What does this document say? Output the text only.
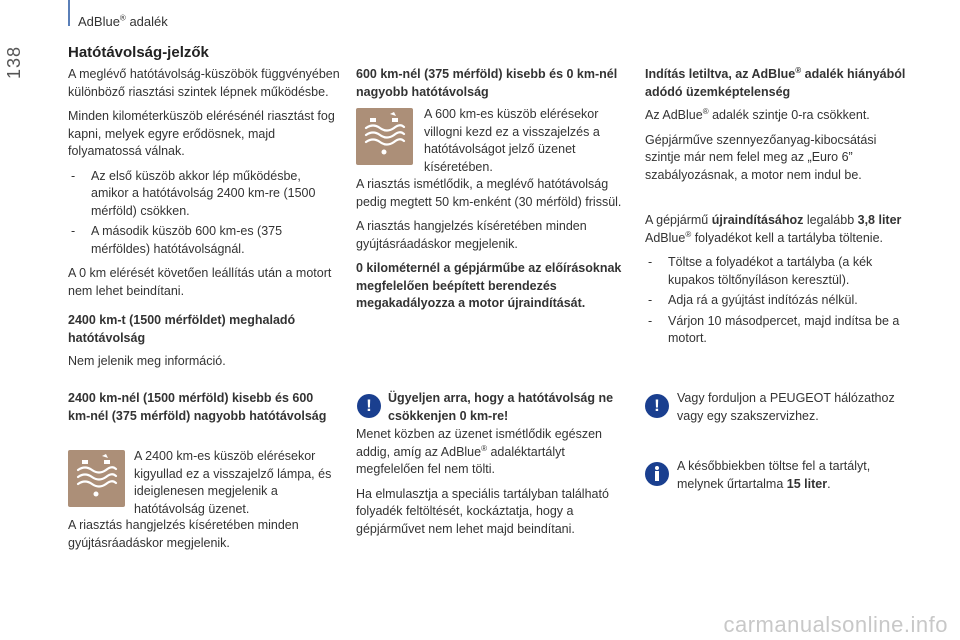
AdBlue® adalék
138	Hatótávolság-jelzők

A meglévő hatótávolság-küszöbök függvényében különböző riasztási szintek lépnek működésbe.

Minden kilométerküszöb elérésénél riasztást fog kapni, melyek egyre erődösnek, majd folyamatossá válnak.

- Az első küszöb akkor lép működésbe, amikor a hatótávolság 2400 km-re (1500 mérföld) csökken.
- A második küszöb 600 km-es (375 mérföldes) hatótávolságnál.

A 0 km elérését követően leállítás után a motort nem lehet beindítani.

2400 km-t (1500 mérföldet) meghaladó hatótávolság

Nem jelenik meg információ.

2400 km-nél (1500 mérföld) kisebb és 600 km-nél (375 mérföld) nagyobb hatótávolság

A 2400 km-es küszöb elérésekor kigyullad ez a visszajelző lámpa, és ideiglenesen megjelenik a hatótávolság üzenet.

A riasztás hangjelzés kíséretében minden gyújtásráadáskor megjelenik.

600 km-nél (375 mérföld) kisebb és 0 km-nél nagyobb hatótávolság

A 600 km-es küszöb elérésekor villogni kezd ez a visszajelzés a hatótávolságot jelző üzenet kíséretében.

A riasztás ismétlődik, a meglévő hatótávolság pedig megtett 50 km-enként (30 mérföld) frissül.

A riasztás hangjelzés kíséretében minden gyújtásráadáskor megjelenik.

0 kilométernél a gépjárműbe az előírásoknak megfelelően beépített berendezés megakadályozza a motor újraindítását.

!	Ügyeljen arra, hogy a hatótávolság ne csökkenjen 0 km-re!

Menet közben az üzenet ismétlődik egészen addig, amíg az AdBlue® adaléktartályt megfelelően fel nem tölti.

Ha elmulasztja a speciális tartályban található folyadék feltöltését, kockáztatja, hogy a gépjárművet nem lehet majd beindítani.

Indítás letiltva, az AdBlue® adalék hiányából adódó üzemképtelenség

Az AdBlue® adalék szintje 0-ra csökkent.

Gépjárműve szennyezőanyag-kibocsátási szintje már nem felel meg az „Euro 6” szabályozásnak, a motor nem indul be.

A gépjármű újraindításához legalább 3,8 liter AdBlue® folyadékot kell a tartályba töltenie.

- Töltse a folyadékot a tartályba (a kék kupakos töltőnyíláson keresztül).
- Adja rá a gyújtást indítózás nélkül.
- Várjon 10 másodpercet, majd indítsa be a motort.
!	Vagy forduljon a PEUGEOT hálózathoz vagy egy szakszervizhez.
A későbbiekben töltse fel a tartályt, melynek űrtartalma 15 liter.
carmanualsonline.info
